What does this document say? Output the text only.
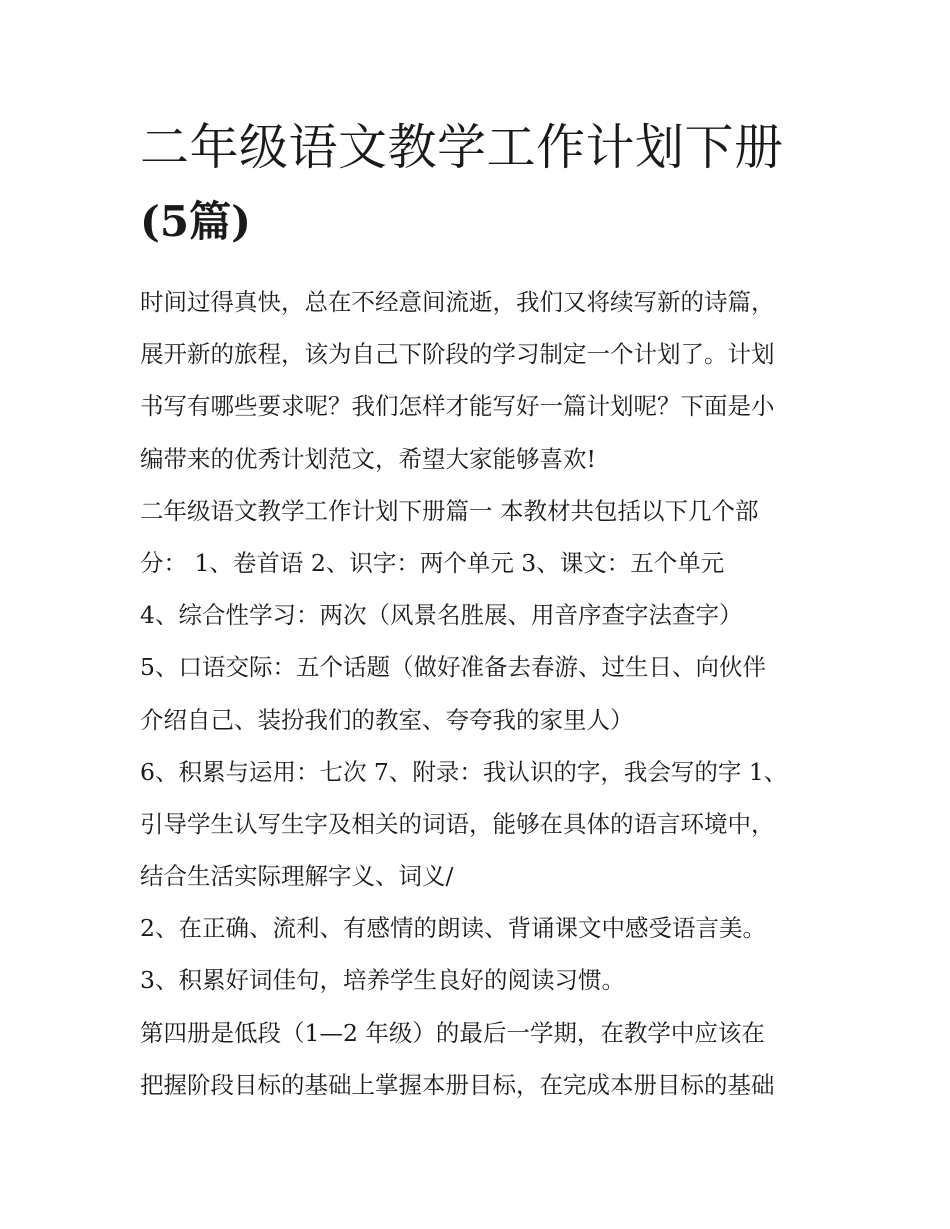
二年级语文教学工作计划下册
(5篇)
时间过得真快，总在不经意间流逝，我们又将续写新的诗篇，
展开新的旅程，该为自己下阶段的学习制定一个计划了。计划
书写有哪些要求呢？我们怎样才能写好一篇计划呢？下面是小
编带来的优秀计划范文，希望大家能够喜欢!
二年级语文教学工作计划下册篇一 本教材共包括以下几个部
分： 1、卷首语 2、识字：两个单元 3、课文：五个单元
4、综合性学习：两次（风景名胜展、用音序查字法查字）
5、口语交际：五个话题（做好准备去春游、过生日、向伙伴
介绍自己、装扮我们的教室、夸夸我的家里人）
6、积累与运用：七次 7、附录：我认识的字，我会写的字 1、
引导学生认写生字及相关的词语，能够在具体的语言环境中，
结合生活实际理解字义、词义/
2、在正确、流利、有感情的朗读、背诵课文中感受语言美。
3、积累好词佳句，培养学生良好的阅读习惯。
第四册是低段（1—2 年级）的最后一学期，在教学中应该在
把握阶段目标的基础上掌握本册目标，在完成本册目标的基础
